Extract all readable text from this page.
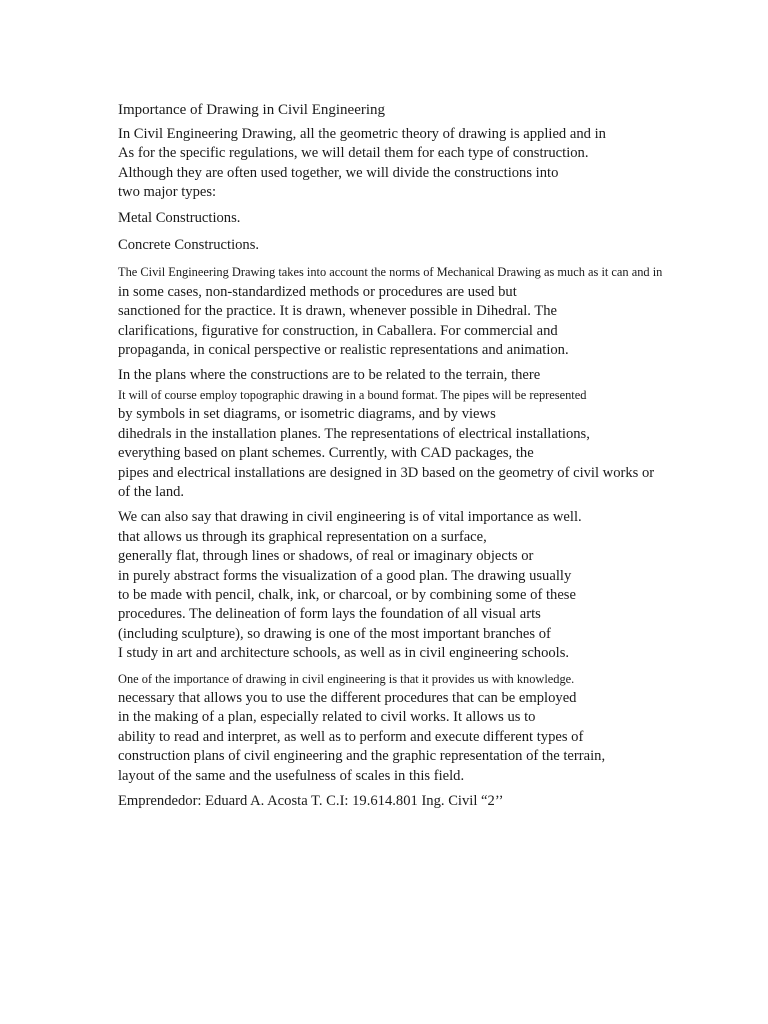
Importance of Drawing in Civil Engineering
In Civil Engineering Drawing, all the geometric theory of drawing is applied and in
As for the specific regulations, we will detail them for each type of construction.
Although they are often used together, we will divide the constructions into
two major types:
Metal Constructions.
Concrete Constructions.
The Civil Engineering Drawing takes into account the norms of Mechanical Drawing as much as it can and in
in some cases, non-standardized methods or procedures are used but
sanctioned for the practice. It is drawn, whenever possible in Dihedral. The
clarifications, figurative for construction, in Caballera. For commercial and
propaganda, in conical perspective or realistic representations and animation.
In the plans where the constructions are to be related to the terrain, there
It will of course employ topographic drawing in a bound format. The pipes will be represented
by symbols in set diagrams, or isometric diagrams, and by views
dihedrals in the installation planes. The representations of electrical installations,
everything based on plant schemes. Currently, with CAD packages, the
pipes and electrical installations are designed in 3D based on the geometry of civil works or
of the land.
We can also say that drawing in civil engineering is of vital importance as well.
that allows us through its graphical representation on a surface,
generally flat, through lines or shadows, of real or imaginary objects or
in purely abstract forms the visualization of a good plan. The drawing usually
to be made with pencil, chalk, ink, or charcoal, or by combining some of these
procedures. The delineation of form lays the foundation of all visual arts
(including sculpture), so drawing is one of the most important branches of
I study in art and architecture schools, as well as in civil engineering schools.
One of the importance of drawing in civil engineering is that it provides us with knowledge.
necessary that allows you to use the different procedures that can be employed
in the making of a plan, especially related to civil works. It allows us to
ability to read and interpret, as well as to perform and execute different types of
construction plans of civil engineering and the graphic representation of the terrain,
layout of the same and the usefulness of scales in this field.
Emprendedor: Eduard A. Acosta T. C.I: 19.614.801 Ing. Civil “2’’
